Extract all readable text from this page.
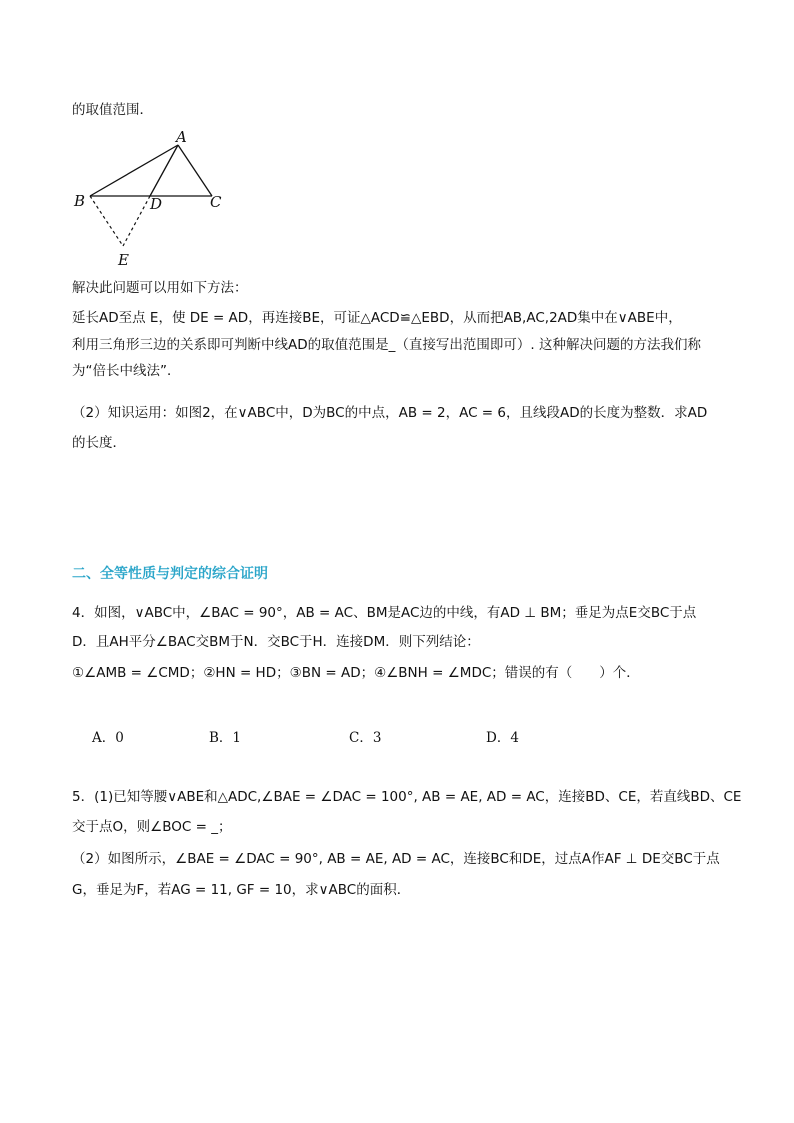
的取值范围．
A
B	C
D
E
解决此问题可以用如下方法：
延长AD至点 E，使 DE = AD，再连接BE，可证△ACD≌△EBD，从而把AB,AC,2AD集中在∨ABE中，
利用三角形三边的关系即可判断中线AD的取值范围是_（直接写出范围即可）. 这种解决问题的方法我们称
为“倍长中线法”．
（2）知识运用：如图2，在∨ABC中，D为BC的中点，AB = 2，AC = 6，且线段AD的长度为整数．求AD
的长度．
二、全等性质与判定的综合证明
4．如图，∨ABC中，∠BAC = 90°，AB = AC、BM是AC边的中线，有AD ⊥ BM；垂足为点E交BC于点
D．且AH平分∠BAC交BM于N．交BC于H．连接DM．则下列结论：
①∠AMB = ∠CMD；②HN = HD；③BN = AD；④∠BNH = ∠MDC；错误的有（　　）个．
A．0	B．1	C．3	D．4
5．(1)已知等腰∨ABE和△ADC,∠BAE = ∠DAC = 100°, AB = AE, AD = AC，连接BD、CE，若直线BD、CE
交于点O，则∠BOC = _；
（2）如图所示，∠BAE = ∠DAC = 90°, AB = AE, AD = AC，连接BC和DE，过点A作AF ⊥ DE交BC于点
G，垂足为F，若AG = 11, GF = 10，求∨ABC的面积．
